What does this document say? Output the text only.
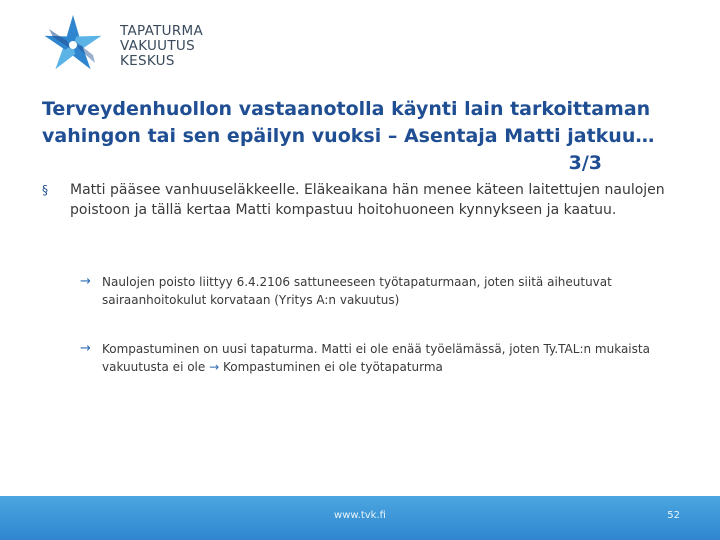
TAPATURMA
VAKUUTUS
KESKUS
Terveydenhuollon vastaanotolla käynti lain tarkoittaman
vahingon tai sen epäilyn vuoksi – Asentaja Matti jatkuu…
3/3
§ Matti pääsee vanhuuseläkkeelle. Eläkeaikana hän menee käteen laitettujen naulojen poistoon ja tällä kertaa Matti kompastuu hoitohuoneen kynnykseen ja kaatuu.
→ Naulojen poisto liittyy 6.4.2106 sattuneeseen työtapaturmaan, joten siitä aiheutuvat sairaanhoitokulut korvataan (Yritys A:n vakuutus)
→ Kompastuminen on uusi tapaturma. Matti ei ole enää työelämässä, joten Ty.TAL:n mukaista vakuutusta ei ole → Kompastuminen ei ole työtapaturma
www.tvk.fi	52
